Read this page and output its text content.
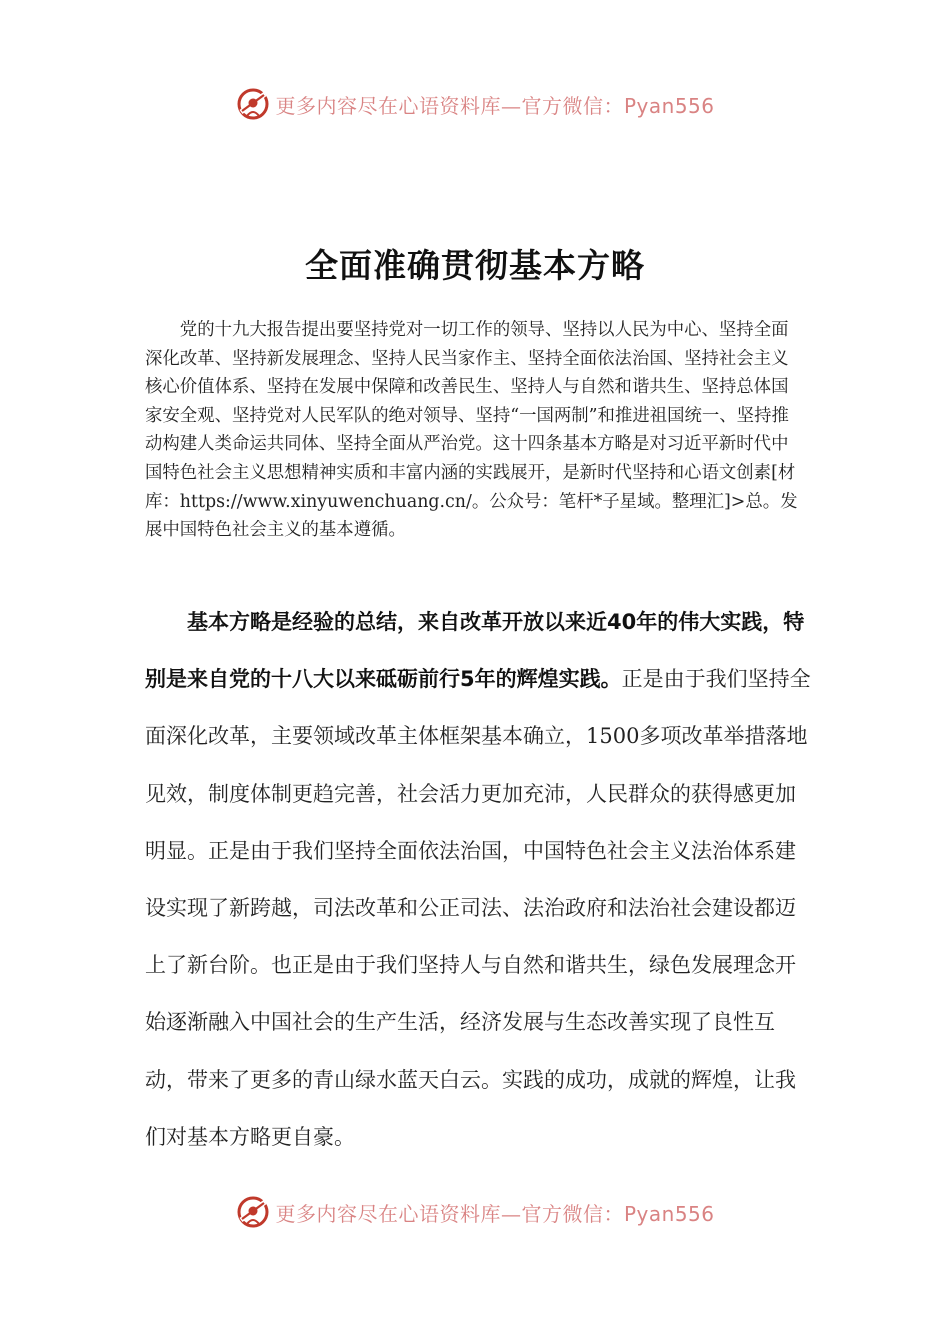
更多内容尽在心语资料库—官方微信：Pyan556
全面准确贯彻基本方略

党的十九大报告提出要坚持党对一切工作的领导、坚持以人民为中心、坚持全面深化改革、坚持新发展理念、坚持人民当家作主、坚持全面依法治国、坚持社会主义核心价值体系、坚持在发展中保障和改善民生、坚持人与自然和谐共生、坚持总体国家安全观、坚持党对人民军队的绝对领导、坚持“一国两制”和推进祖国统一、坚持推动构建人类命运共同体、坚持全面从严治党。这十四条基本方略是对习近平新时代中国特色社会主义思想精神实质和丰富内涵的实践展开，是新时代坚持和心语文创素[材库：https://www.xinyuwenchuang.cn/。公众号：笔杆*子星域。整理汇]>总。发展中国特色社会主义的基本遵循。

基本方略是经验的总结，来自改革开放以来近40年的伟大实践，特别是来自党的十八大以来砥砺前行5年的辉煌实践。正是由于我们坚持全面深化改革，主要领域改革主体框架基本确立，1500多项改革举措落地见效，制度体制更趋完善，社会活力更加充沛，人民群众的获得感更加明显。正是由于我们坚持全面依法治国，中国特色社会主义法治体系建设实现了新跨越，司法改革和公正司法、法治政府和法治社会建设都迈上了新台阶。也正是由于我们坚持人与自然和谐共生，绿色发展理念开始逐渐融入中国社会的生产生活，经济发展与生态改善实现了良性互动，带来了更多的青山绿水蓝天白云。实践的成功，成就的辉煌，让我们对基本方略更自豪。

更多内容尽在心语资料库—官方微信：Pyan556
